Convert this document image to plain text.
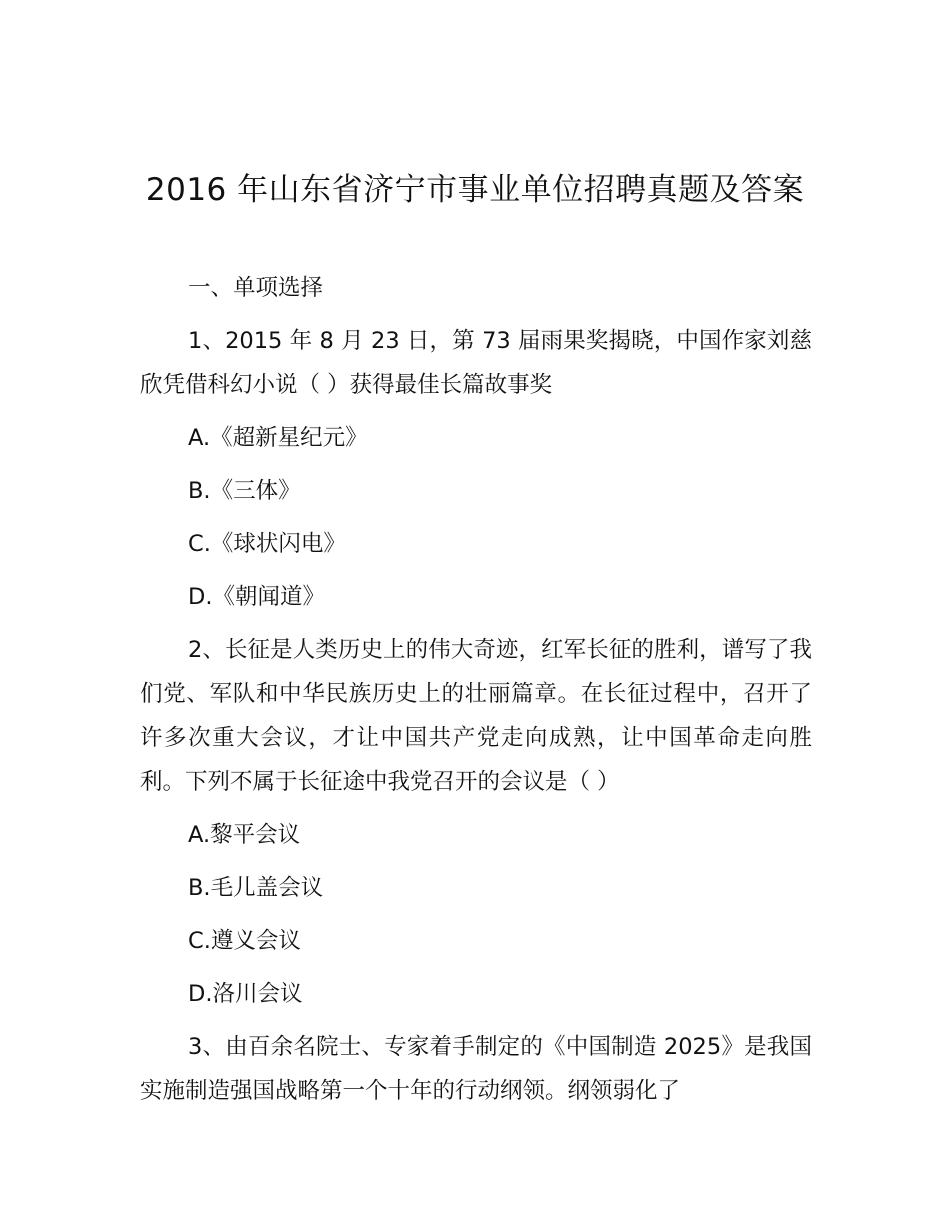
2016 年山东省济宁市事业单位招聘真题及答案

一、单项选择

1、2015 年 8 月 23 日，第 73 届雨果奖揭晓，中国作家刘慈欣凭借科幻小说（ ）获得最佳长篇故事奖

A.《超新星纪元》

B.《三体》

C.《球状闪电》

D.《朝闻道》

2、长征是人类历史上的伟大奇迹，红军长征的胜利，谱写了我们党、军队和中华民族历史上的壮丽篇章。在长征过程中，召开了许多次重大会议，才让中国共产党走向成熟，让中国革命走向胜利。下列不属于长征途中我党召开的会议是（ ）

A.黎平会议

B.毛儿盖会议

C.遵义会议

D.洛川会议

3、由百余名院士、专家着手制定的《中国制造 2025》是我国实施制造强国战略第一个十年的行动纲领。纲领弱化了
